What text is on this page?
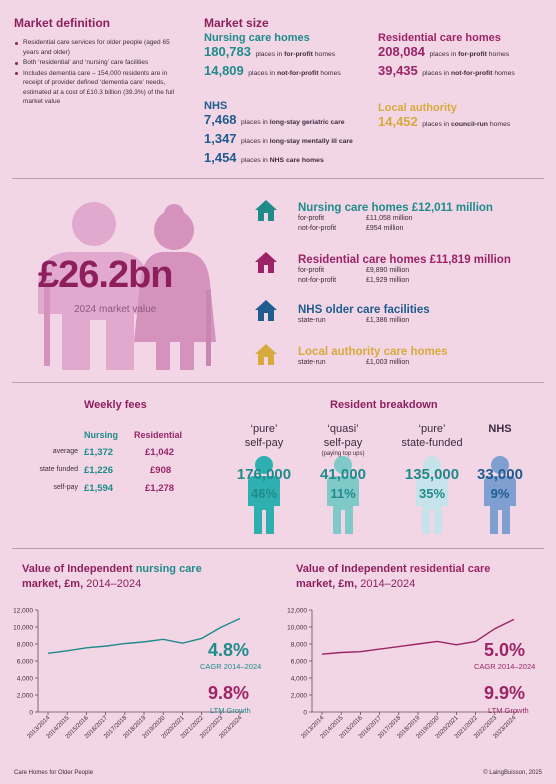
Market definition
Residential care services for older people (aged 65 years and older)
Both ‘residential’ and ‘nursing’ care facilities
Includes dementia care – 154,000 residents are in receipt of provider defined ‘dementia care’ needs, estimated at a cost of £10.3 billion (39.3%) of the full market value
Market size
Nursing care homes
180,783 places in for-profit homes
14,809 places in not-for-profit homes
Residential care homes
208,084 places in for-profit homes
39,435 places in not-for-profit homes
NHS
7,468 places in long-stay geriatric care
1,347 places in long-stay mentally ill care
1,454 places in NHS care homes
Local authority
14,452 places in council-run homes
£26.2bn
2024 market value
Nursing care homes £12,011 million
for-profit	£11,058 million
not-for-profit	£954 million
Residential care homes £11,819 million
for-profit	£9,890 million
not-for-profit	£1,929 million
NHS older care facilities
state-run	£1,386 million
Local authority care homes
state-run	£1,003 million
Weekly fees
Nursing Residential
average £1,372	£1,042
state funded £1,226	£908
self-pay £1,594	£1,278
Resident breakdown
‘pure’
self-pay
176,000
46%
‘quasi’
self-pay
(paying top ups)
41,000
11%
‘pure’
state-funded
135,000
35%
NHS
33,000
9%
Value of Independent nursing care
market, £m, 2014–2024
0
2,000
4,000
6,000
8,000
10,000
12,000
2013/2014
2014/2015
2015/2016
2016/2017
2017/2018
2018/2019
2019/2020
2020/2021
2021/2022
2022/2023
2023/2024
4.8%
CAGR 2014–2024
9.8%
LTM Growth
Value of Independent residential care
market, £m, 2014–2024
0
2,000
4,000
6,000
8,000
10,000
12,000
2013/2014
2014/2015
2015/2016
2016/2017
2017/2018
2018/2019
2019/2020
2020/2021
2021/2022
2022/2023
2023/2024
5.0%
CAGR 2014–2024
9.9%
LTM Growth
Care Homes for Older People	© LaingBuisson, 2025
